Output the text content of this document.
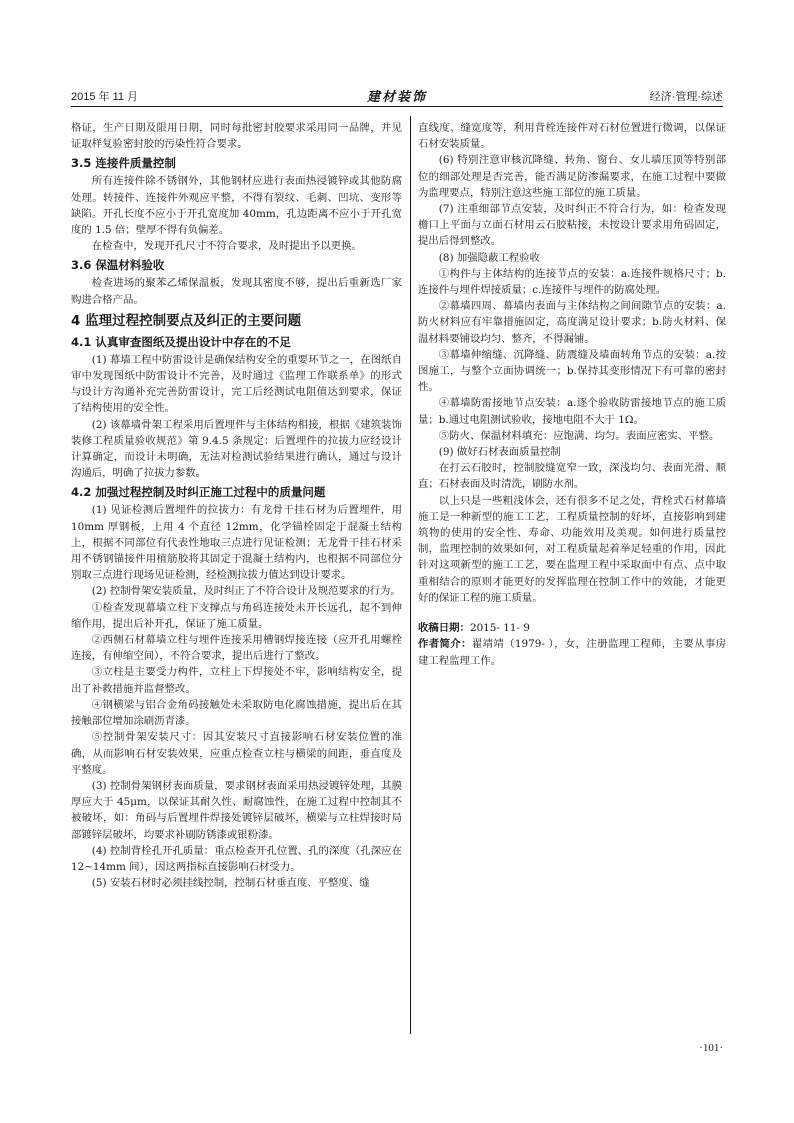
2015 年 11 月	建材装饰	经济·管理·综述

格证，生产日期及限用日期，同时每批密封胶要求采用同一品牌，并见证取样复验密封胶的污染性符合要求。

3.5 连接件质量控制

所有连接件除不锈钢外，其他钢材应进行表面热浸镀锌或其他防腐处理。转接件、连接件外观应平整，不得有裂纹、毛刺、凹坑、变形等缺陷。开孔长度不应小于开孔宽度加 40mm，孔边距离不应小于开孔宽度的 1.5 倍；壁厚不得有负偏差。

在检查中，发现开孔尺寸不符合要求，及时提出予以更换。

3.6 保温材料验收

检查进场的聚苯乙烯保温板，发现其密度不够，提出后重新选厂家购进合格产品。

4 监理过程控制要点及纠正的主要问题
4.1 认真审查图纸及提出设计中存在的不足

(1) 幕墙工程中防雷设计是确保结构安全的重要环节之一，在图纸自审中发现图纸中防雷设计不完善，及时通过《监理工作联系单》的形式与设计方沟通补充完善防雷设计，完工后经测试电阻值达到要求，保证了结构使用的安全性。

(2) 该幕墙骨架工程采用后置埋件与主体结构相接，根据《建筑装饰装修工程质量验收规范》第 9.4.5 条规定：后置埋件的拉拔力应经设计计算确定，而设计未明确，无法对检测试验结果进行确认，通过与设计沟通后，明确了拉拔力参数。

4.2 加强过程控制及时纠正施工过程中的质量问题

(1) 见证检测后置埋件的拉拔力：有龙骨干挂石材为后置埋件，用 10mm 厚钢板，上用 4 个直径 12mm，化学锚栓固定于混凝土结构上，根据不同部位有代表性地取三点进行见证检测；无龙骨干挂石材采用不锈钢锚接件用植筋胶将其固定于混凝土结构内，也根据不同部位分别取三点进行现场见证检测，经检测拉拔力值达到设计要求。

(2) 控制骨架安装质量，及时纠正了不符合设计及规范要求的行为。

①检查发现幕墙立柱下支撑点与角码连接处未开长远孔，起不到伸缩作用，提出后补开孔，保证了施工质量。

②西侧石材幕墙立柱与埋件连接采用槽钢焊接连接（应开孔用螺栓连接，有伸缩空间），不符合要求，提出后进行了整改。

③立柱是主要受力构件，立柱上下焊接处不牢，影响结构安全，提出了补救措施并监督整改。

④钢横梁与铝合金角码接触处未采取防电化腐蚀措施，提出后在其接触部位增加涂刷沥青漆。

⑤控制骨架安装尺寸：因其安装尺寸直接影响石材安装位置的准确，从而影响石材安装效果，应重点检查立柱与横梁的间距，垂直度及平整度。

(3) 控制骨架钢材表面质量，要求钢材表面采用热浸镀锌处理，其膜厚应大于 45μm，以保证其耐久性、耐腐蚀性，在施工过程中控制其不被破坏，如：角码与后置埋件焊接处镀锌层破坏，横梁与立柱焊接时局部镀锌层破坏，均要求补刷防锈漆或银粉漆。

(4) 控制背栓孔开孔质量：重点检查开孔位置、孔的深度（孔深应在 12~14mm 间），因这两指标直接影响石材受力。

(5) 安装石材时必须挂线控制，控制石材垂直度、平整度、缝

直线度、缝宽度等，利用背栓连接件对石材位置进行微调，以保证石材安装质量。

(6) 特别注意审核沉降缝、转角、窗台、女儿墙压顶等特别部位的细部处理是否完善，能否满足防渗漏要求，在施工过程中要做为监理要点，特别注意这些施工部位的施工质量。

(7) 注重细部节点安装，及时纠正不符合行为，如：检查发现檐口上平面与立面石材用云石胶粘接，未按设计要求用角码固定，提出后得到整改。

(8) 加强隐蔽工程验收

①构件与主体结构的连接节点的安装：a.连接件规格尺寸；b.连接件与埋件焊接质量；c.连接件与埋件的防腐处理。

②幕墙四周、幕墙内表面与主体结构之间间隙节点的安装：a.防火材料应有牢靠措施固定，高度满足设计要求；b.防火材料、保温材料要铺设均匀、整齐，不得漏铺。

③幕墙伸缩缝、沉降缝、防震缝及墙面转角节点的安装：a.按图施工，与整个立面协调统一；b.保持其变形情况下有可靠的密封性。

④幕墙防雷接地节点安装：a.逐个验收防雷接地节点的施工质量；b.通过电阻测试验收，接地电阻不大于 1Ω。

⑤防火、保温材料填充：应饱满、均匀。表面应密实、平整。

(9) 做好石材表面质量控制

在打云石胶时，控制胶缝宽窄一致，深浅均匀、表面光滑、顺直；石材表面及时清洗，刷防水剂。

以上只是一些粗浅体会，还有很多不足之处，背栓式石材幕墙施工是一种新型的施工工艺，工程质量控制的好坏，直接影响到建筑物的使用的安全性、寿命、功能效用及美观。如何进行质量控制，监理控制的效果如何，对工程质量起着举足轻重的作用，因此针对这项新型的施工工艺，要在监理工程中采取面中有点、点中取重相结合的原则才能更好的发挥监理在控制工作中的效能，才能更好的保证工程的施工质量。

收稿日期：2015- 11- 9

作者简介：翟靖靖（1979- ），女，注册监理工程师，主要从事房建工程监理工作。

·101·
